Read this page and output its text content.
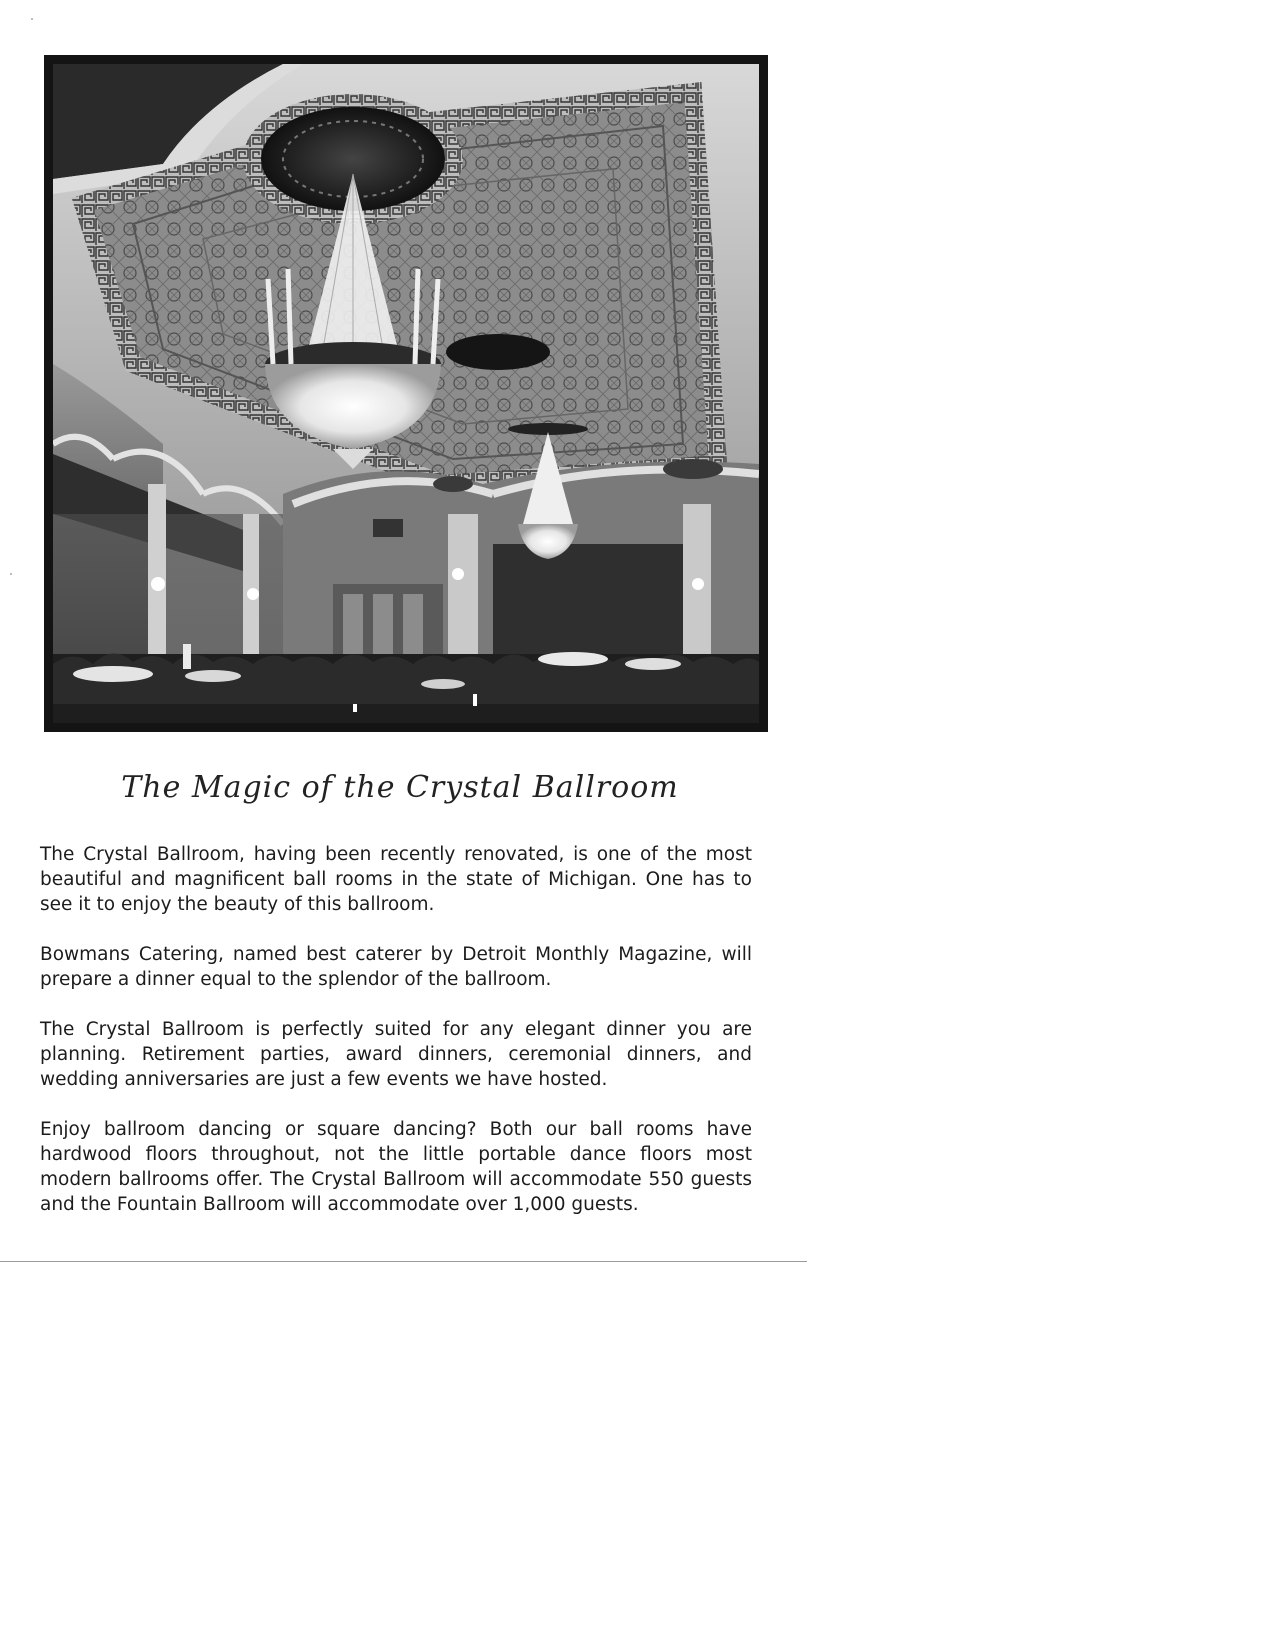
The Magic of the Crystal Ballroom

The Crystal Ballroom, having been recently renovated, is one of the most beautiful and magnificent ball rooms in the state of Michigan. One has to see it to enjoy the beauty of this ballroom.

Bowmans Catering, named best caterer by Detroit Monthly Magazine, will prepare a dinner equal to the splendor of the ballroom.

The Crystal Ballroom is perfectly suited for any elegant dinner you are planning. Retirement parties, award dinners, ceremonial dinners, and wedding anniversaries are just a few events we have hosted.

Enjoy ballroom dancing or square dancing? Both our ball rooms have hardwood floors throughout, not the little portable dance floors most modern ballrooms offer. The Crystal Ballroom will accommodate 550 guests and the Fountain Ballroom will accommodate over 1,000 guests.
